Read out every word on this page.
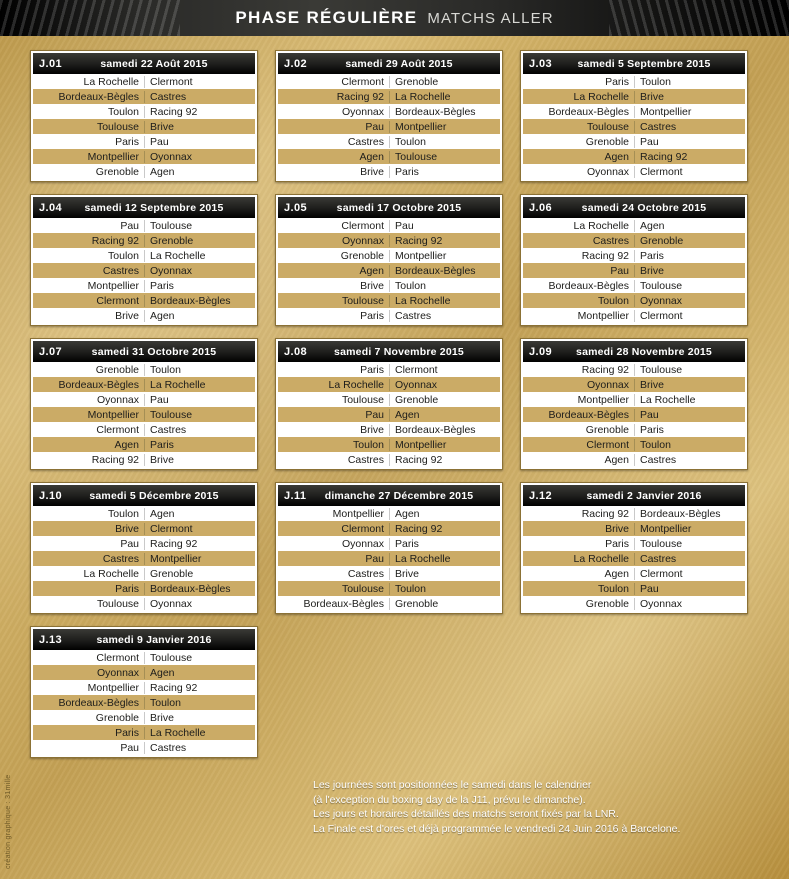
PHASE RÉGULIÈRE MATCHS ALLER
J.01	samedi 22 Août 2015
La Rochelle	Clermont
Bordeaux-Bègles	Castres
Toulon	Racing 92
Toulouse	Brive
Paris	Pau
Montpellier	Oyonnax
Grenoble	Agen
J.02	samedi 29 Août 2015
Clermont	Grenoble
Racing 92	La Rochelle
Oyonnax	Bordeaux-Bègles
Pau	Montpellier
Castres	Toulon
Agen	Toulouse
Brive	Paris
J.03	samedi 5 Septembre 2015
Paris	Toulon
La Rochelle	Brive
Bordeaux-Bègles	Montpellier
Toulouse	Castres
Grenoble	Pau
Agen	Racing 92
Oyonnax	Clermont
J.04	samedi 12 Septembre 2015
Pau	Toulouse
Racing 92	Grenoble
Toulon	La Rochelle
Castres	Oyonnax
Montpellier	Paris
Clermont	Bordeaux-Bègles
Brive	Agen
J.05	samedi 17 Octobre 2015
Clermont	Pau
Oyonnax	Racing 92
Grenoble	Montpellier
Agen	Bordeaux-Bègles
Brive	Toulon
Toulouse	La Rochelle
Paris	Castres
J.06	samedi 24 Octobre 2015
La Rochelle	Agen
Castres	Grenoble
Racing 92	Paris
Pau	Brive
Bordeaux-Bègles	Toulouse
Toulon	Oyonnax
Montpellier	Clermont
J.07	samedi 31 Octobre 2015
Grenoble	Toulon
Bordeaux-Bègles	La Rochelle
Oyonnax	Pau
Montpellier	Toulouse
Clermont	Castres
Agen	Paris
Racing 92	Brive
J.08	samedi 7 Novembre 2015
Paris	Clermont
La Rochelle	Oyonnax
Toulouse	Grenoble
Pau	Agen
Brive	Bordeaux-Bègles
Toulon	Montpellier
Castres	Racing 92
J.09	samedi 28 Novembre 2015
Racing 92	Toulouse
Oyonnax	Brive
Montpellier	La Rochelle
Bordeaux-Bègles	Pau
Grenoble	Paris
Clermont	Toulon
Agen	Castres
J.10	samedi 5 Décembre 2015
Toulon	Agen
Brive	Clermont
Pau	Racing 92
Castres	Montpellier
La Rochelle	Grenoble
Paris	Bordeaux-Bègles
Toulouse	Oyonnax
J.11	dimanche 27 Décembre 2015
Montpellier	Agen
Clermont	Racing 92
Oyonnax	Paris
Pau	La Rochelle
Castres	Brive
Toulouse	Toulon
Bordeaux-Bègles	Grenoble
J.12	samedi 2 Janvier 2016
Racing 92	Bordeaux-Bègles
Brive	Montpellier
Paris	Toulouse
La Rochelle	Castres
Agen	Clermont
Toulon	Pau
Grenoble	Oyonnax
J.13	samedi 9 Janvier 2016
Clermont	Toulouse
Oyonnax	Agen
Montpellier	Racing 92
Bordeaux-Bègles	Toulon
Grenoble	Brive
Paris	La Rochelle
Pau	Castres
Les journées sont positionnées le samedi dans le calendrier
(à l'exception du boxing day de la J11, prévu le dimanche).
Les jours et horaires détaillés des matchs seront fixés par la LNR.
La Finale est d'ores et déjà programmée le vendredi 24 Juin 2016 à Barcelone.
création graphique : 31mille
